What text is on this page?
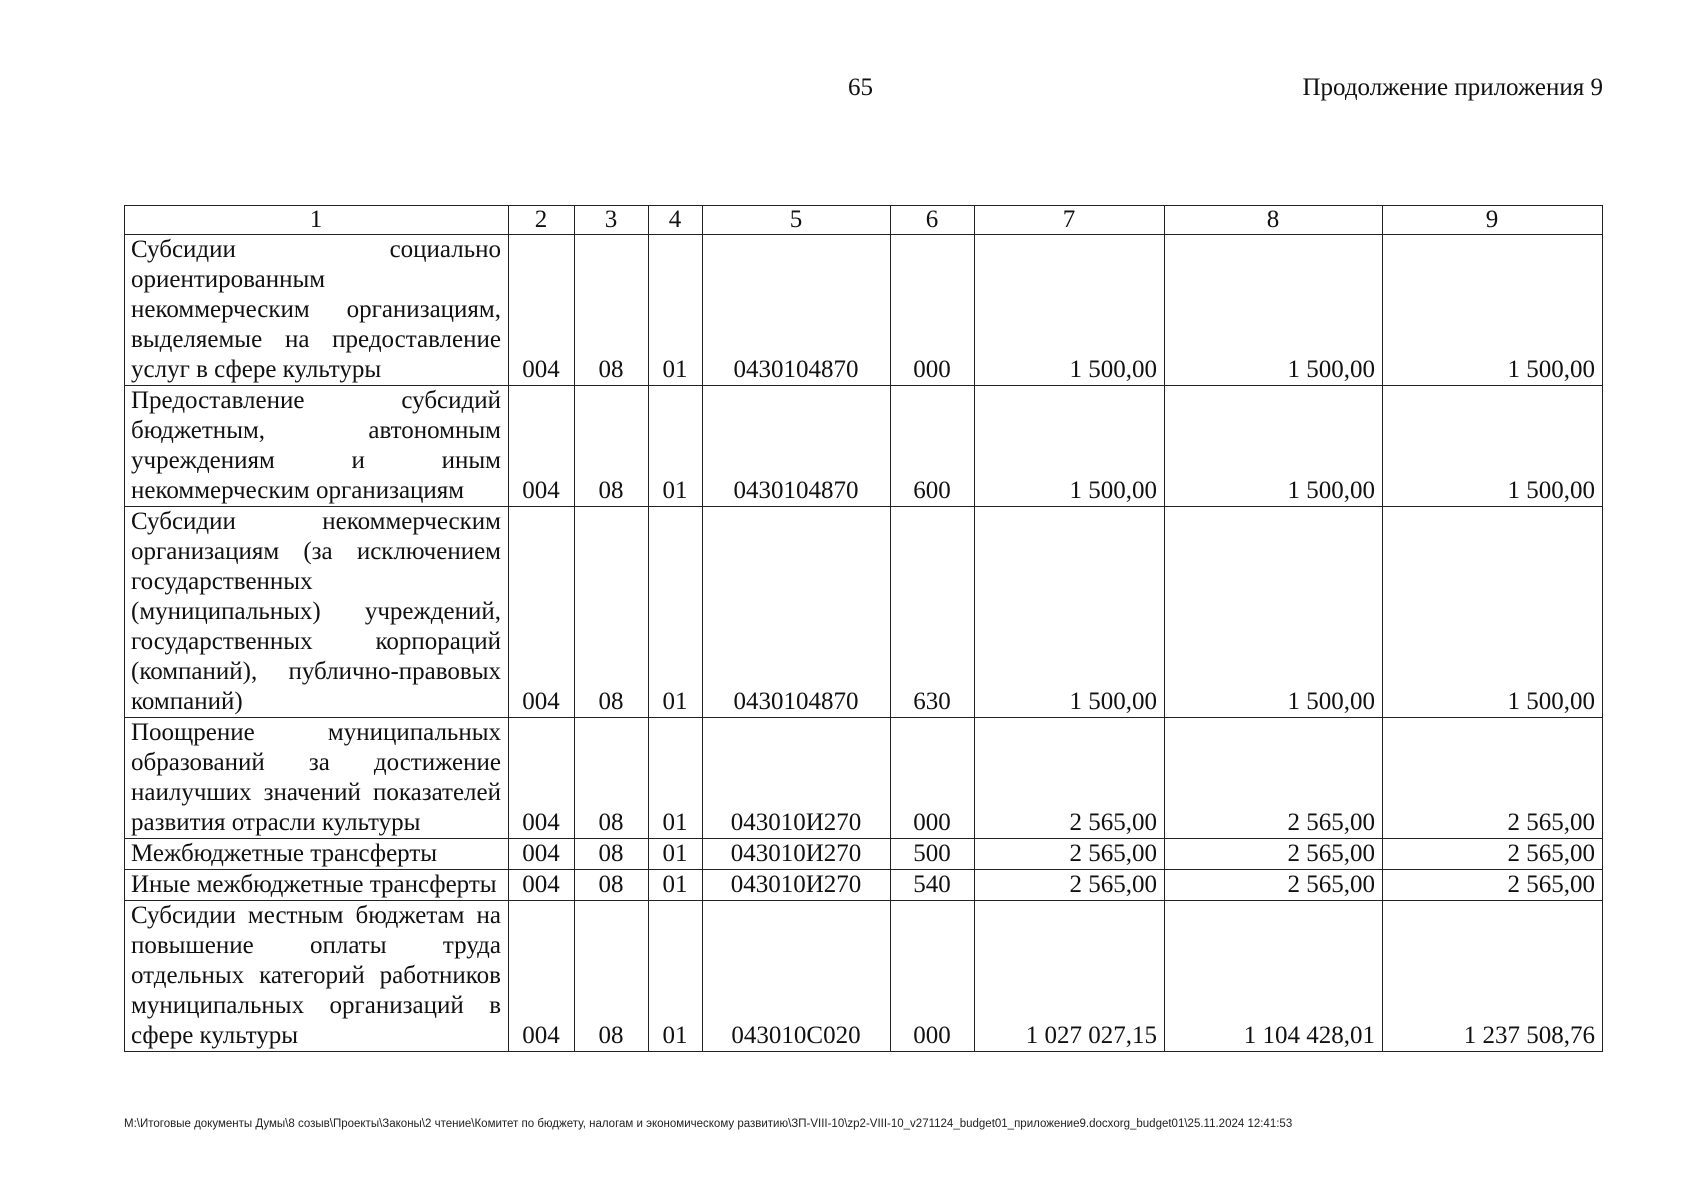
65	Продолжение приложения 9
1	2	3	4	5	6	7	8	9
Субсидии социально ориентированным некоммерческим организациям, выделяемые на предоставление услуг в сфере культуры	004	08	01	0430104870	000	1 500,00	1 500,00	1 500,00
Предоставление субсидий бюджетным, автономным учреждениям и иным некоммерческим организациям	004	08	01	0430104870	600	1 500,00	1 500,00	1 500,00
Субсидии некоммерческим организациям (за исключением государственных (муниципальных) учреждений, государственных корпораций (компаний), публично-правовых компаний)	004	08	01	0430104870	630	1 500,00	1 500,00	1 500,00
Поощрение муниципальных образований за достижение наилучших значений показателей развития отрасли культуры	004	08	01	043010И270	000	2 565,00	2 565,00	2 565,00
Межбюджетные трансферты	004	08	01	043010И270	500	2 565,00	2 565,00	2 565,00
Иные межбюджетные трансферты	004	08	01	043010И270	540	2 565,00	2 565,00	2 565,00
Субсидии местным бюджетам на повышение оплаты труда отдельных категорий работников муниципальных организаций в сфере культуры	004	08	01	043010С020	000	1 027 027,15	1 104 428,01	1 237 508,76
M:\Итоговые документы Думы\8 созыв\Проекты\Законы\2 чтение\Комитет по бюджету, налогам и экономическому развитию\ЗП-VIII-10\zp2-VIII-10_v271124_budget01_приложение9.docxorg_budget01\25.11.2024 12:41:53
